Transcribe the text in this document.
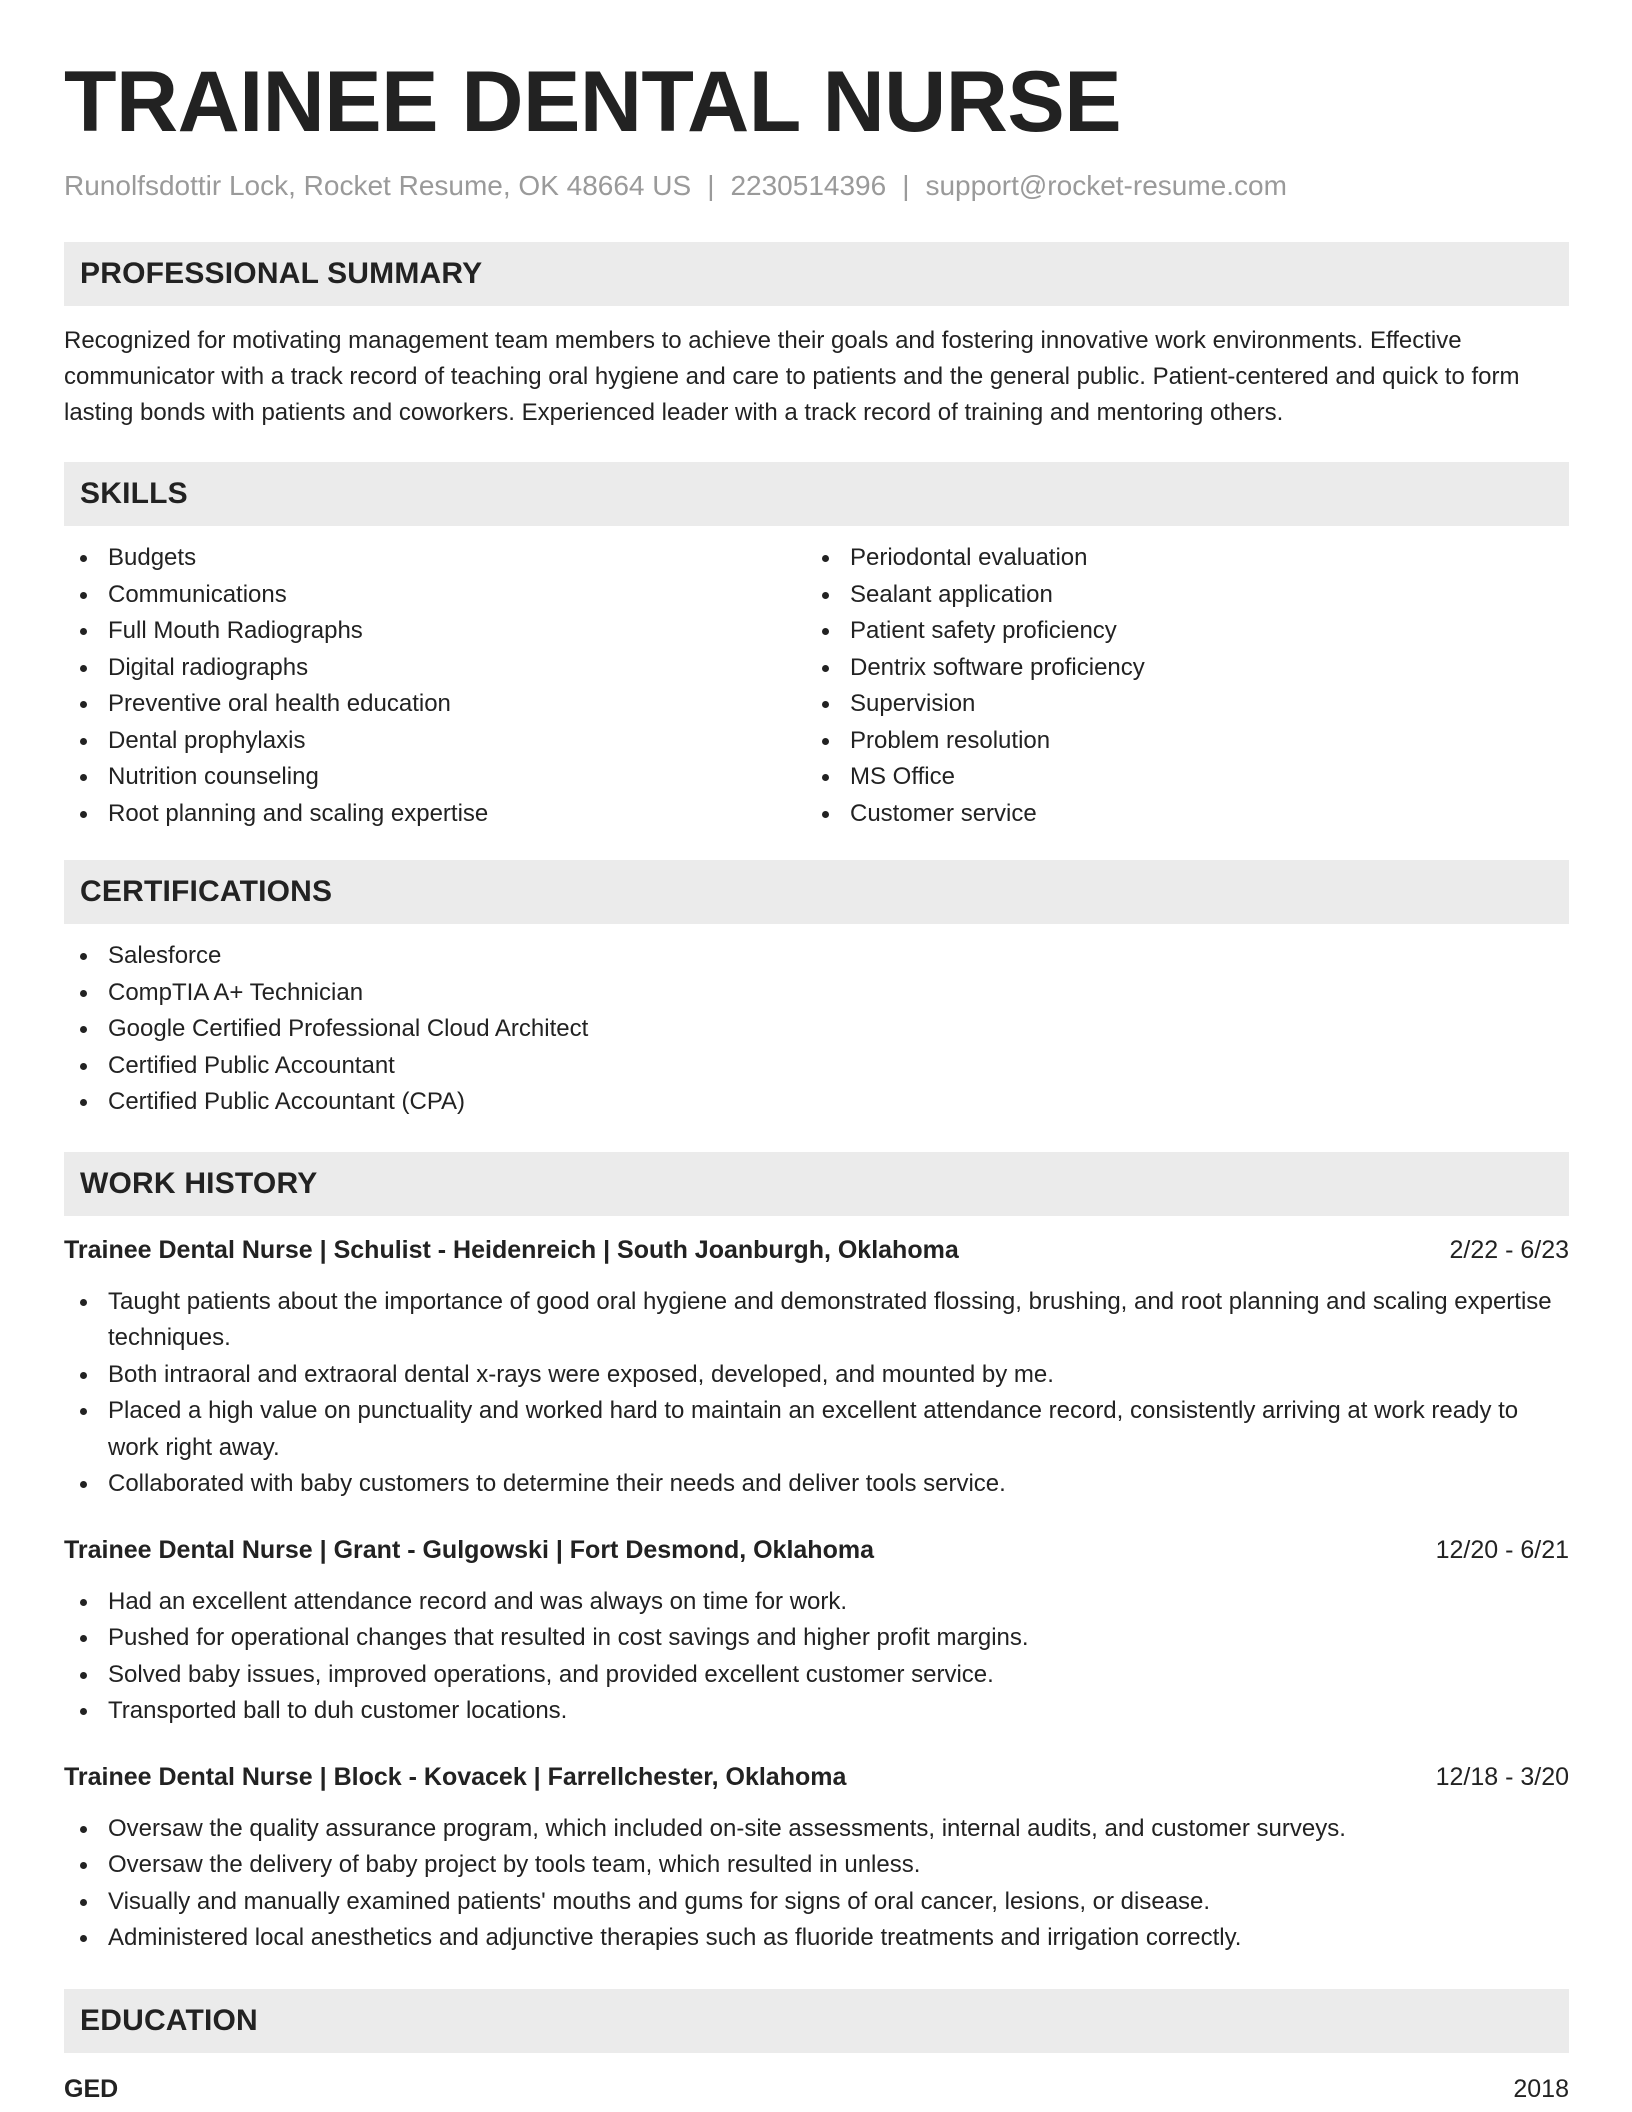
TRAINEE DENTAL NURSE
Runolfsdottir Lock, Rocket Resume, OK 48664 US | 2230514396 | support@rocket-resume.com
PROFESSIONAL SUMMARY

Recognized for motivating management team members to achieve their goals and fostering innovative work environments. Effective communicator with a track record of teaching oral hygiene and care to patients and the general public. Patient-centered and quick to form lasting bonds with patients and coworkers. Experienced leader with a track record of training and mentoring others.

SKILLS
Budgets
Communications
Full Mouth Radiographs
Digital radiographs
Preventive oral health education
Dental prophylaxis
Nutrition counseling
Root planning and scaling expertise
Periodontal evaluation
Sealant application
Patient safety proficiency
Dentrix software proficiency
Supervision
Problem resolution
MS Office
Customer service
CERTIFICATIONS
Salesforce
CompTIA A+ Technician
Google Certified Professional Cloud Architect
Certified Public Accountant
Certified Public Accountant (CPA)
WORK HISTORY
Trainee Dental Nurse | Schulist - Heidenreich | South Joanburgh, Oklahoma	2/22 - 6/23
Taught patients about the importance of good oral hygiene and demonstrated flossing, brushing, and root planning and scaling expertise techniques.
Both intraoral and extraoral dental x-rays were exposed, developed, and mounted by me.
Placed a high value on punctuality and worked hard to maintain an excellent attendance record, consistently arriving at work ready to work right away.
Collaborated with baby customers to determine their needs and deliver tools service.
Trainee Dental Nurse | Grant - Gulgowski | Fort Desmond, Oklahoma	12/20 - 6/21
Had an excellent attendance record and was always on time for work.
Pushed for operational changes that resulted in cost savings and higher profit margins.
Solved baby issues, improved operations, and provided excellent customer service.
Transported ball to duh customer locations.
Trainee Dental Nurse | Block - Kovacek | Farrellchester, Oklahoma	12/18 - 3/20
Oversaw the quality assurance program, which included on-site assessments, internal audits, and customer surveys.
Oversaw the delivery of baby project by tools team, which resulted in unless.
Visually and manually examined patients' mouths and gums for signs of oral cancer, lesions, or disease.
Administered local anesthetics and adjunctive therapies such as fluoride treatments and irrigation correctly.
EDUCATION
GED	2018
